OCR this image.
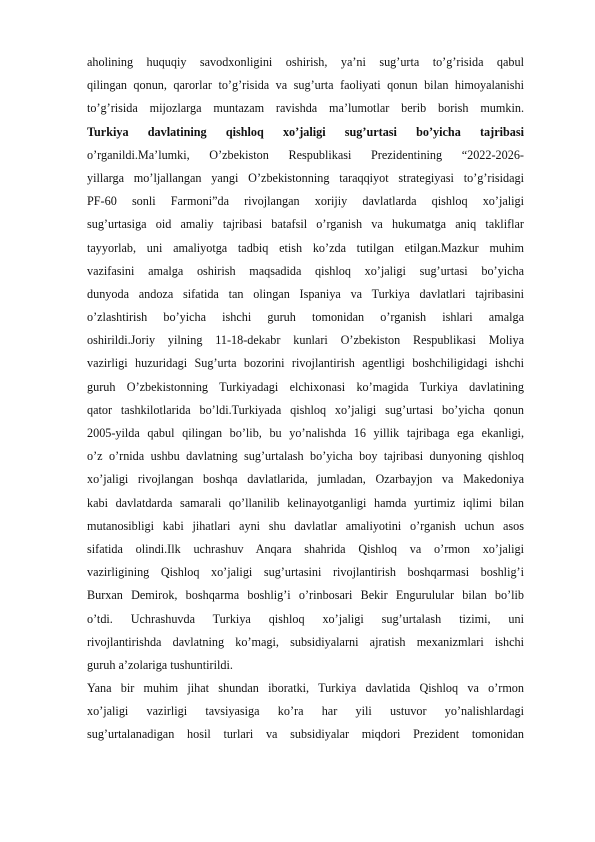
aholining huquqiy savodxonligini oshirish, ya’ni sug’urta to’g’risida qabul
qilingan qonun, qarorlar to’g’risida va sug’urta faoliyati qonun bilan himoyalanishi
to’g’risida mijozlarga muntazam ravishda ma’lumotlar berib borish mumkin.
Turkiya davlatining qishloq xo’jaligi sug’urtasi bo’yicha tajribasi
o’rganildi.Ma’lumki, O’zbekiston Respublikasi Prezidentining “2022-2026-
yillarga mo’ljallangan yangi O’zbekistonning taraqqiyot strategiyasi to’g’risidagi
PF-60 sonli Farmoni”da rivojlangan xorijiy davlatlarda qishloq xo’jaligi
sug’urtasiga oid amaliy tajribasi batafsil o’rganish va hukumatga aniq takliflar
tayyorlab, uni amaliyotga tadbiq etish ko’zda tutilgan etilgan.Mazkur muhim
vazifasini amalga oshirish maqsadida qishloq xo’jaligi sug’urtasi bo’yicha
dunyoda andoza sifatida tan olingan Ispaniya va Turkiya davlatlari tajribasini
o’zlashtirish bo’yicha ishchi guruh tomonidan o’rganish ishlari amalga
oshirildi.Joriy yilning 11-18-dekabr kunlari O’zbekiston Respublikasi Moliya
vazirligi huzuridagi Sug’urta bozorini rivojlantirish agentligi boshchiligidagi ishchi
guruh O’zbekistonning Turkiyadagi elchixonasi ko’magida Turkiya davlatining
qator tashkilotlarida bo’ldi.Turkiyada qishloq xo’jaligi sug’urtasi bo’yicha qonun
2005-yilda qabul qilingan bo’lib, bu yo’nalishda 16 yillik tajribaga ega ekanligi,
o’z o’rnida ushbu davlatning sug’urtalash bo’yicha boy tajribasi dunyoning qishloq
xo’jaligi rivojlangan boshqa davlatlarida, jumladan, Ozarbayjon va Makedoniya
kabi davlatdarda samarali qo’llanilib kelinayotganligi hamda yurtimiz iqlimi bilan
mutanosibligi kabi jihatlari ayni shu davlatlar amaliyotini o’rganish uchun asos
sifatida olindi.Ilk uchrashuv Anqara shahrida Qishloq va o’rmon xo’jaligi
vazirligining Qishloq xo’jaligi sug’urtasini rivojlantirish boshqarmasi boshlig’i
Burxan Demirok, boshqarma boshlig’i o’rinbosari Bekir Engurulular bilan bo’lib
o’tdi. Uchrashuvda Turkiya qishloq xo’jaligi sug’urtalash tizimi, uni
rivojlantirishda davlatning ko’magi, subsidiyalarni ajratish mexanizmlari ishchi
guruh a’zolariga tushuntirildi.
Yana bir muhim jihat shundan iboratki, Turkiya davlatida Qishloq va o’rmon
xo’jaligi vazirligi tavsiyasiga ko’ra har yili ustuvor yo’nalishlardagi
sug’urtalanadigan hosil turlari va subsidiyalar miqdori Prezident tomonidan
